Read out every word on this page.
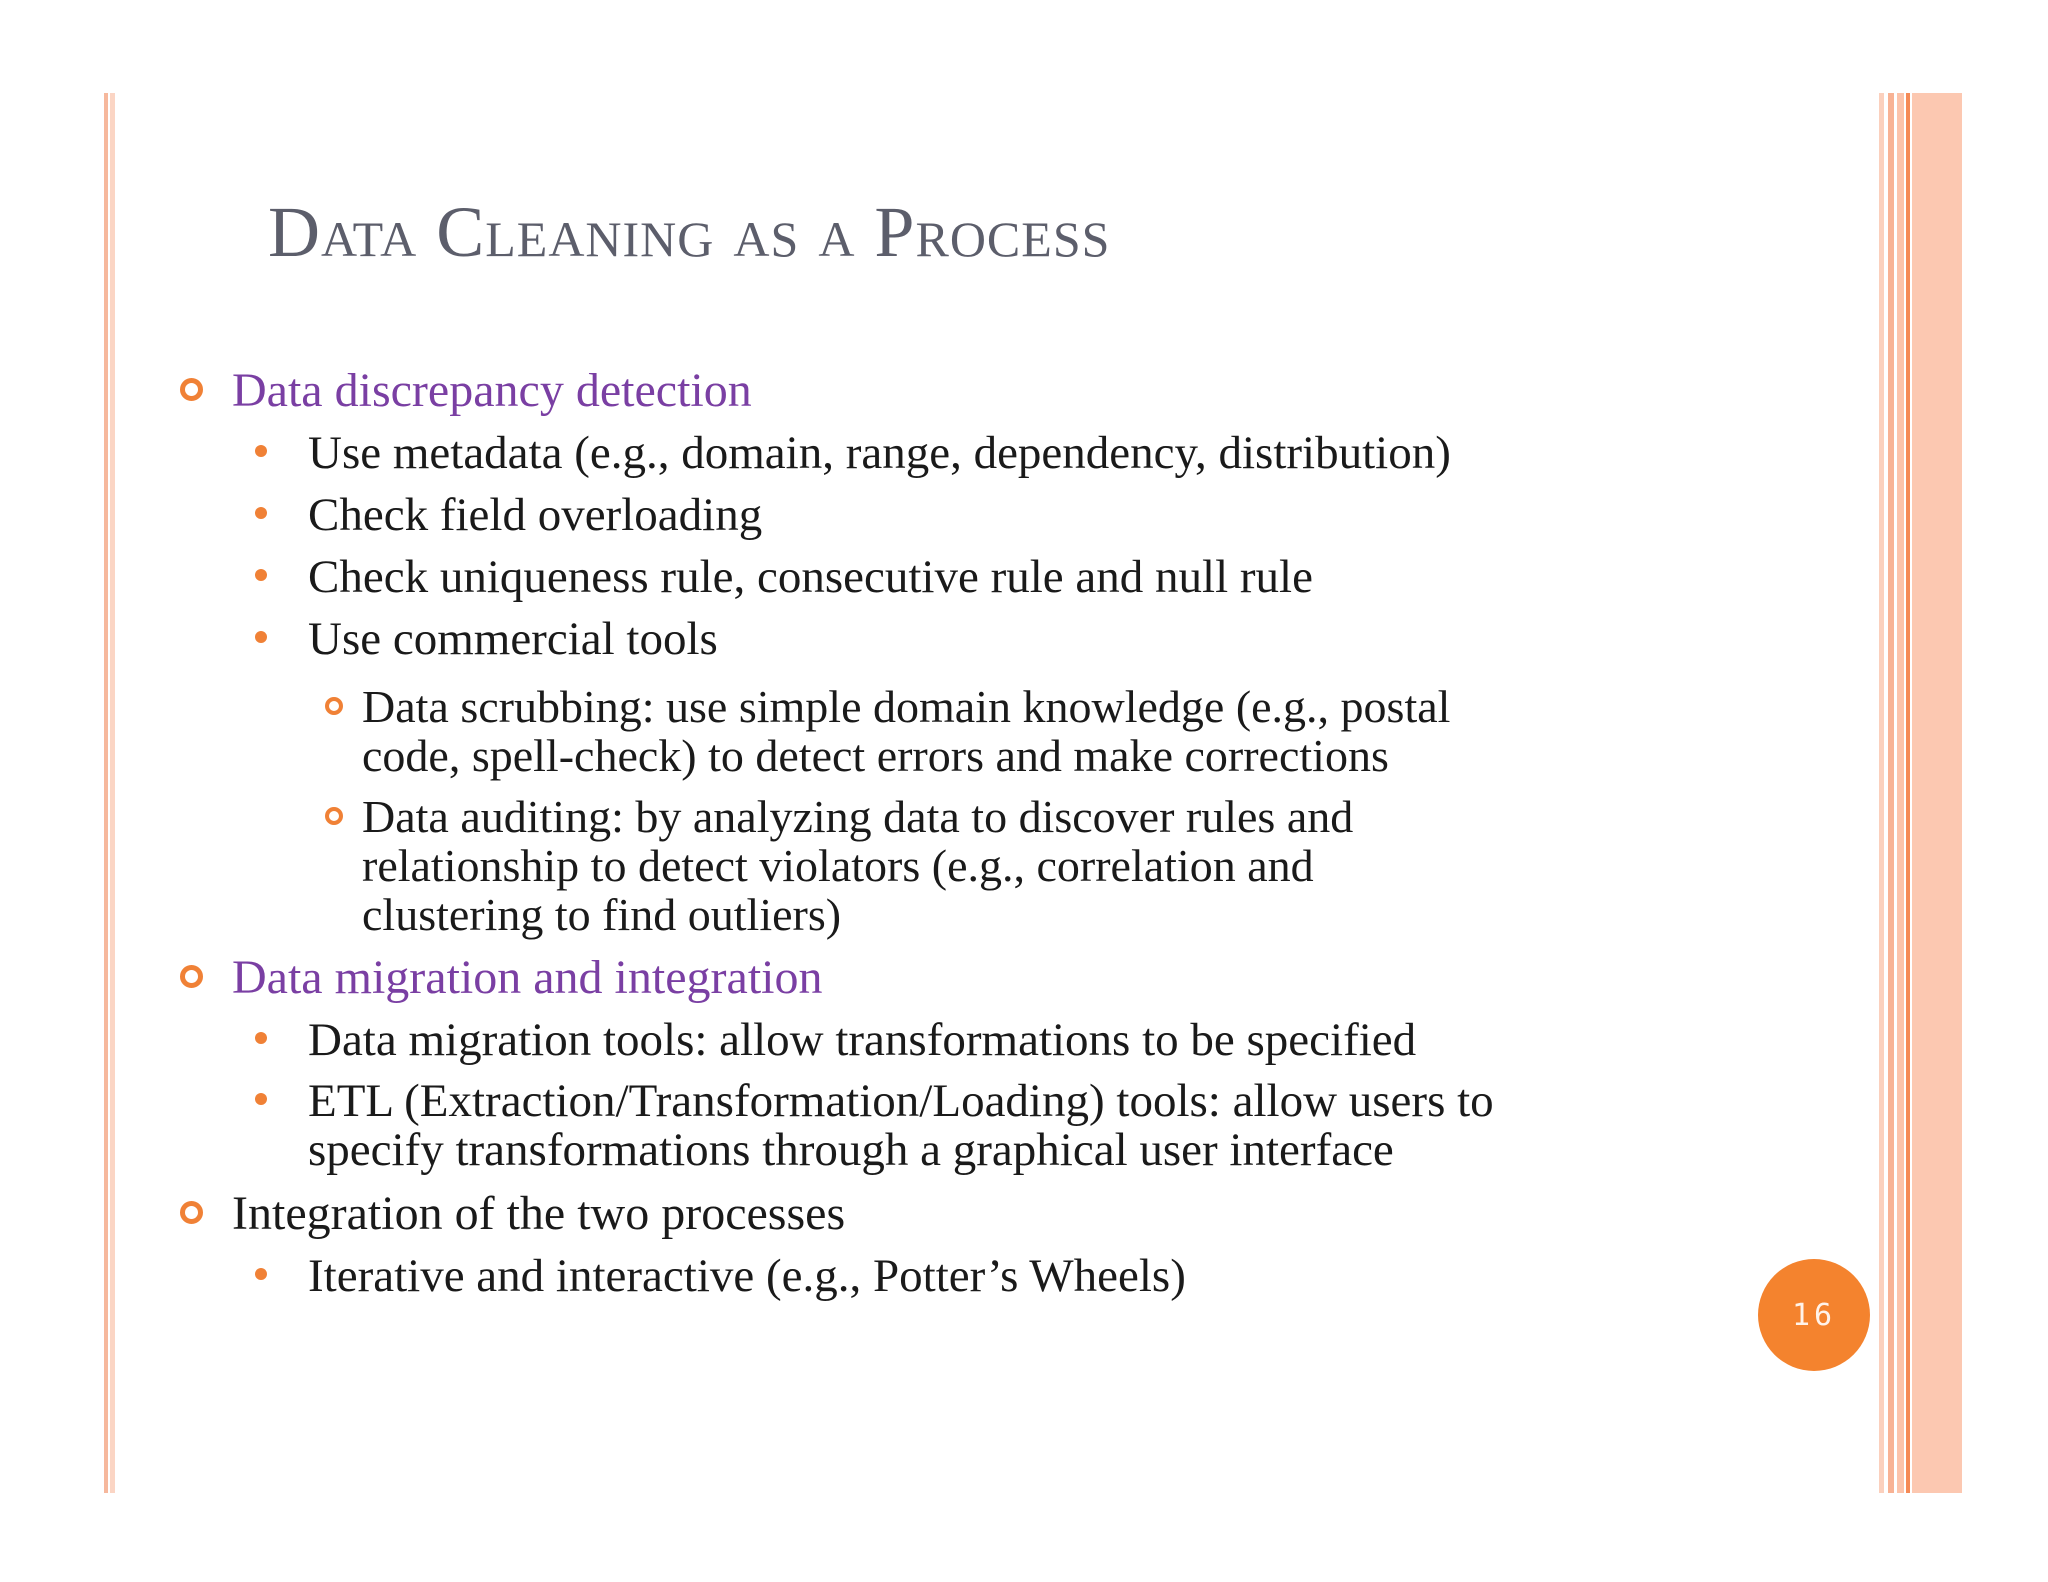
Data Cleaning as a Process
Data discrepancy detection
Use metadata (e.g., domain, range, dependency, distribution)
Check field overloading
Check uniqueness rule, consecutive rule and null rule
Use commercial tools
Data scrubbing: use simple domain knowledge (e.g., postal
code, spell-check) to detect errors and make corrections
Data auditing: by analyzing data to discover rules and
relationship to detect violators (e.g., correlation and
clustering to find outliers)
Data migration and integration
Data migration tools: allow transformations to be specified
ETL (Extraction/Transformation/Loading) tools: allow users to
specify transformations through a graphical user interface
Integration of the two processes
Iterative and interactive (e.g., Potter’s Wheels)
16
